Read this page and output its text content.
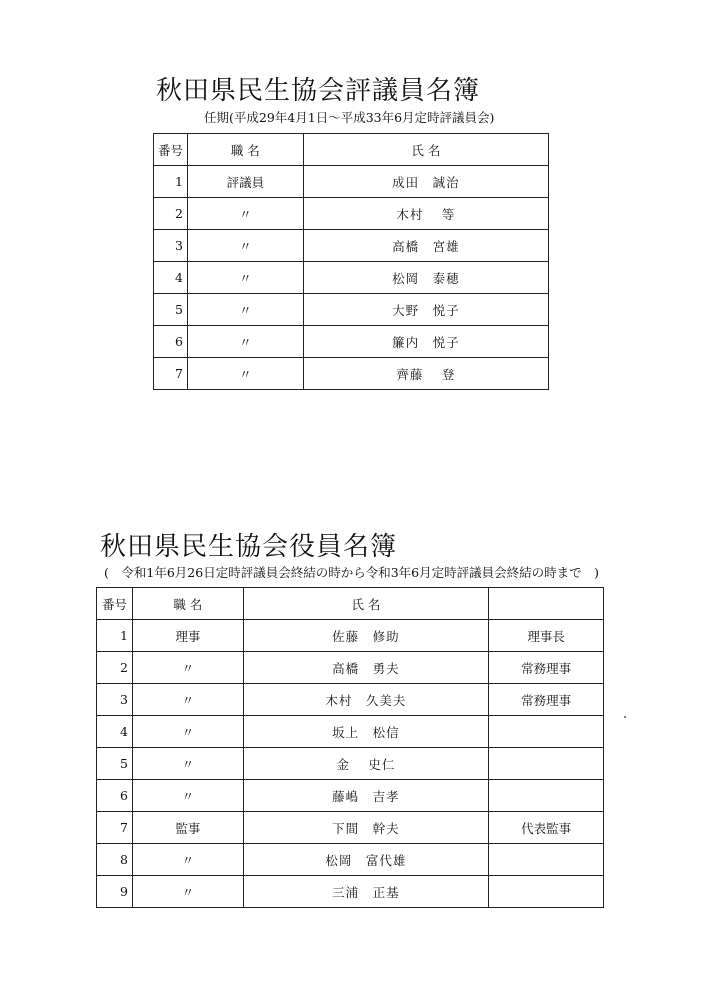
秋田県民生協会評議員名簿
任期(平成29年4月1日～平成33年6月定時評議員会)
番号	職 名	氏 名
1	評議員	成田　誠治
2	〃	木村　 等
3	〃	高橋　宮雄
4	〃	松岡　泰穂
5	〃	大野　悦子
6	〃	簾内　悦子
7	〃	齊藤　 登
秋田県民生協会役員名簿
(　令和1年6月26日定時評議員会終結の時から令和3年6月定時評議員会終結の時まで　)
番号	職 名	氏 名	
1	理事	佐藤　修助	理事長
2	〃	高橋　勇夫	常務理事
3	〃	木村　久美夫	常務理事
4	〃	坂上　松信	
5	〃	金　 史仁	
6	〃	藤嶋　吉孝	
7	監事	下間　幹夫	代表監事
8	〃	松岡　富代雄	
9	〃	三浦　正基	
